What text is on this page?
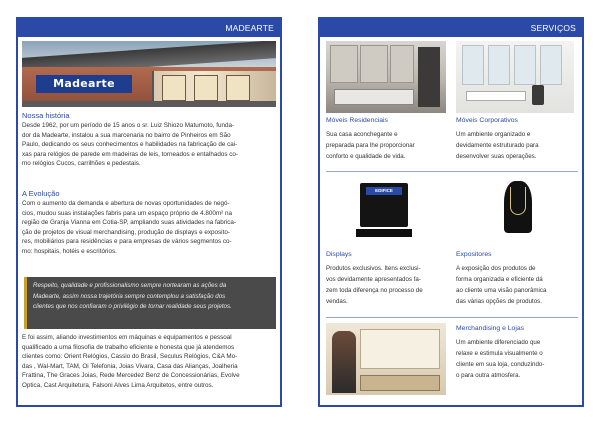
MADEARTE
Madearte
Nossa história
Desde 1962, por um período de 15 anos o sr. Luiz Shiozo Matumoto, funda-
dor da Madearte, instalou a sua marcenaria no bairro de Pinheiros em São
Paulo, dedicando os seus conhecimentos e habilidades na fabricação de cai-
xas para relógios de parede em madeiras de leis, torneados e entalhados co-
mo relógios Cucos, carrilhões e pedestais.
A Evolução
Com o aumento da demanda e abertura de novas oportunidades de negó-
cios, mudou suas instalações fabris para um espaço próprio de 4.800m² na
região de Granja Vianna em Cotia-SP, ampliando suas atividades na fabrica-
ção de projetos de visual merchandising, produção de displays e exposito-
res, mobiliários para residências e para empresas de vários segmentos co-
mo: hospitais, hotéis e escritórios.
Respeito, qualidade e profissionalismo sempre nortearam as ações da
Madearte, assim nossa trajetória sempre contemplou a satisfação dos
clientes que nos confiaram o privilégio de tornar realidade seus projetos.
E foi assim, aliando investimentos em máquinas e equipamentos e pessoal
qualificado a uma filosofia de trabalho eficiente e honesta que já atendemos
clientes como: Orient Relógios, Cassio do Brasil, Seculus Relógios, C&A Mo-
das , Wal-Mart, TAM, Oi Telefonia, Joias Vivara, Casa das Alianças, Joalheria
Frattina, The Graces Joias, Rede Mercedez Benz de Concessionárias, Evolve
Optica, Cast Arquitetura, Falsoni Alves Lima Arquitetos, entre outros.
SERVIÇOS
Móveis Residenciais
Sua casa aconchegante e
preparada para lhe proporcionar
conforto e qualidade de vida.
Móveis Corporativos
Um ambiente organizado e
devidamente estruturado para
desenvolver suas operações.
EDIFICE
Displays
Produtos exclusivos. Itens exclusi-
vos devidamente apresentados fa-
zem toda diferença no processo de
vendas.
Expositores
A exposição dos produtos de
forma organizada e eficiente dá
ao cliente uma visão panorâmica
das várias opções de produtos.
Merchandising e Lojas
Um ambiente diferenciado que
relaxe e estimula visualmente o
cliente em sua loja, conduzindo-
o para outra atmosfera.
